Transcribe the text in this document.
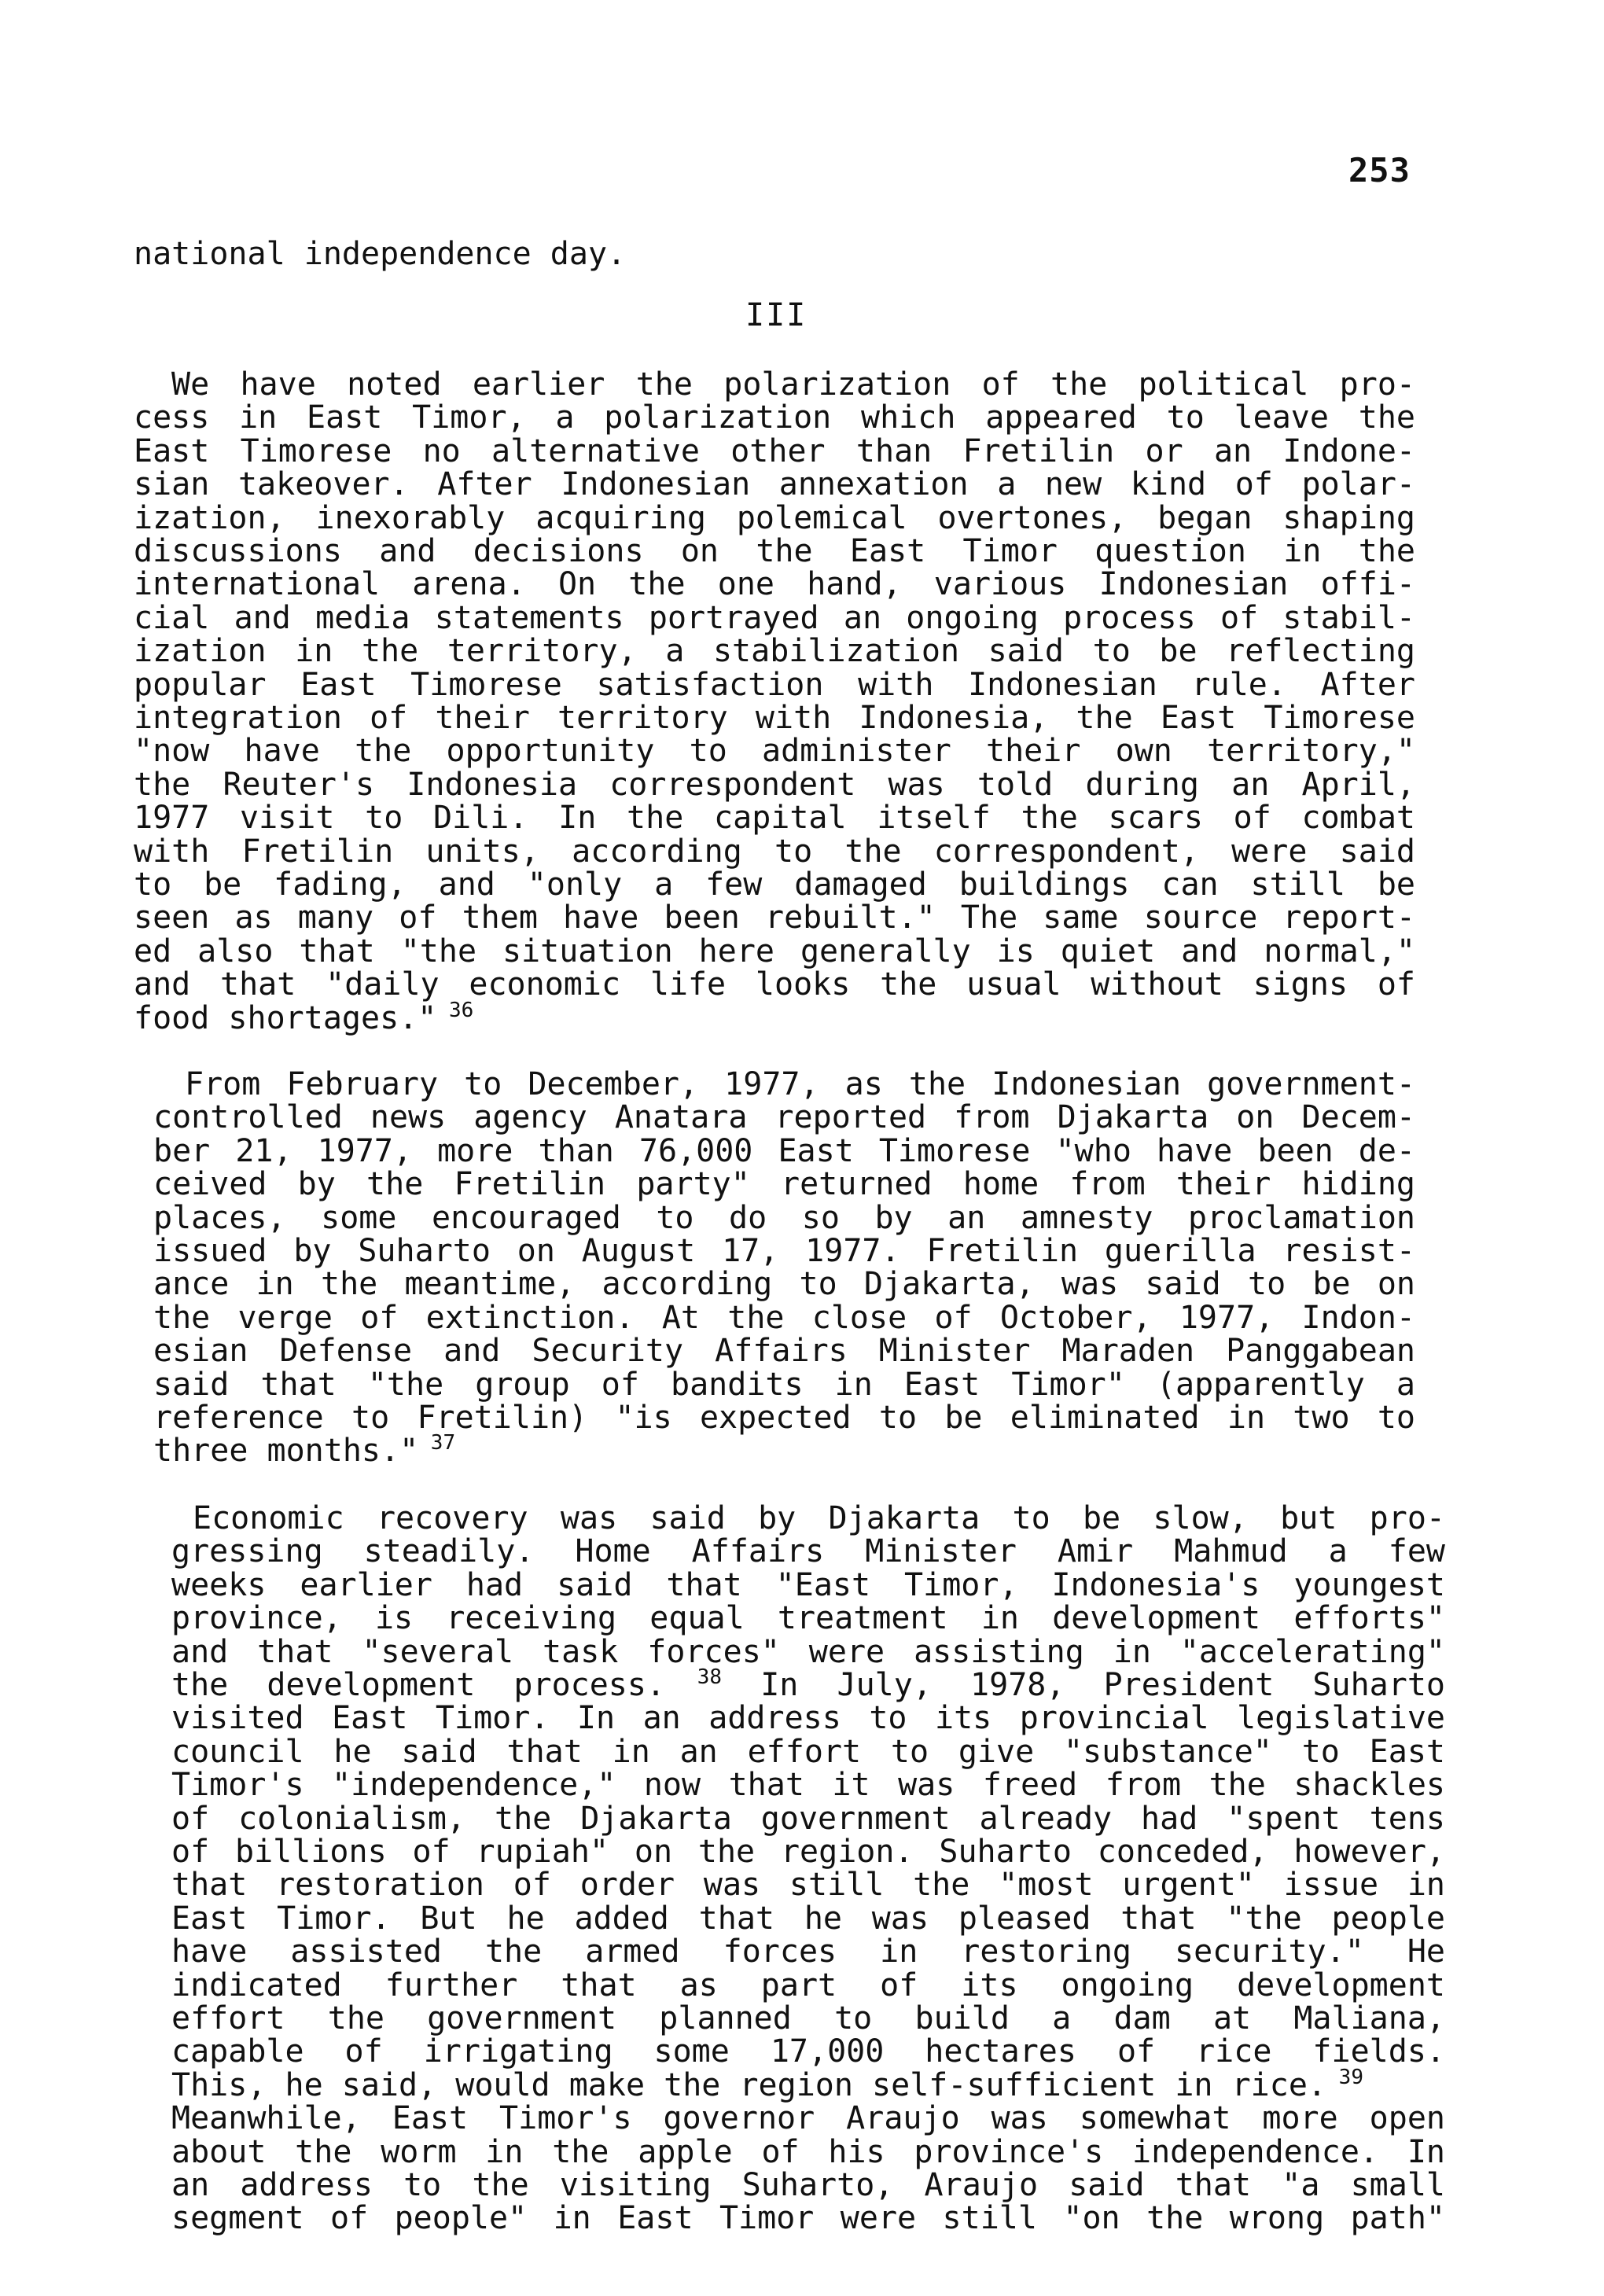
253
III
national independence day.
We have noted earlier the polarization of the political pro-
cess in East Timor, a polarization which appeared to leave the
East Timorese no alternative other than Fretilin or an Indone-
sian takeover. After Indonesian annexation a new kind of polar-
ization, inexorably acquiring polemical overtones, began shaping
discussions and decisions on the East Timor question in the
international arena. On the one hand, various Indonesian offi-
cial and media statements portrayed an ongoing process of stabil-
ization in the territory, a stabilization said to be reflecting
popular East Timorese satisfaction with Indonesian rule. After
integration of their territory with Indonesia, the East Timorese
"now have the opportunity to administer their own territory,"
the Reuter's Indonesia correspondent was told during an April,
1977 visit to Dili. In the capital itself the scars of combat
with Fretilin units, according to the correspondent, were said
to be fading, and "only a few damaged buildings can still be
seen as many of them have been rebuilt." The same source report-
ed also that "the situation here generally is quiet and normal,"
and that "daily economic life looks the usual without signs of
food shortages." $^{36}$
From February to December, 1977, as the Indonesian government-
controlled news agency Anatara reported from Djakarta on Decem-
ber 21, 1977, more than 76,000 East Timorese "who have been de-
ceived by the Fretilin party" returned home from their hiding
places, some encouraged to do so by an amnesty proclamation
issued by Suharto on August 17, 1977. Fretilin guerilla resist-
ance in the meantime, according to Djakarta, was said to be on
the verge of extinction. At the close of October, 1977, Indon-
esian Defense and Security Affairs Minister Maraden Panggabean
said that "the group of bandits in East Timor" (apparently a
reference to Fretilin) "is expected to be eliminated in two to
three months." $^{37}$
Economic recovery was said by Djakarta to be slow, but pro-
gressing steadily. Home Affairs Minister Amir Mahmud a few
weeks earlier had said that "East Timor, Indonesia's youngest
province, is receiving equal treatment in development efforts"
and that "several task forces" were assisting in "accelerating"
the development process. $^{38}$ In July, 1978, President Suharto
visited East Timor. In an address to its provincial legislative
council he said that in an effort to give "substance" to East
Timor's "independence," now that it was freed from the shackles
of colonialism, the Djakarta government already had "spent tens
of billions of rupiah" on the region. Suharto conceded, however,
that restoration of order was still the "most urgent" issue in
East Timor. But he added that he was pleased that "the people
have assisted the armed forces in restoring security." He
indicated further that as part of its ongoing development
effort the government planned to build a dam at Maliana,
capable of irrigating some 17,000 hectares of rice fields.
This, he said, would make the region self-sufficient in rice. $^{39}$
Meanwhile, East Timor's governor Araujo was somewhat more open
about the worm in the apple of his province's independence. In
an address to the visiting Suharto, Araujo said that "a small
segment of people" in East Timor were still "on the wrong path"
